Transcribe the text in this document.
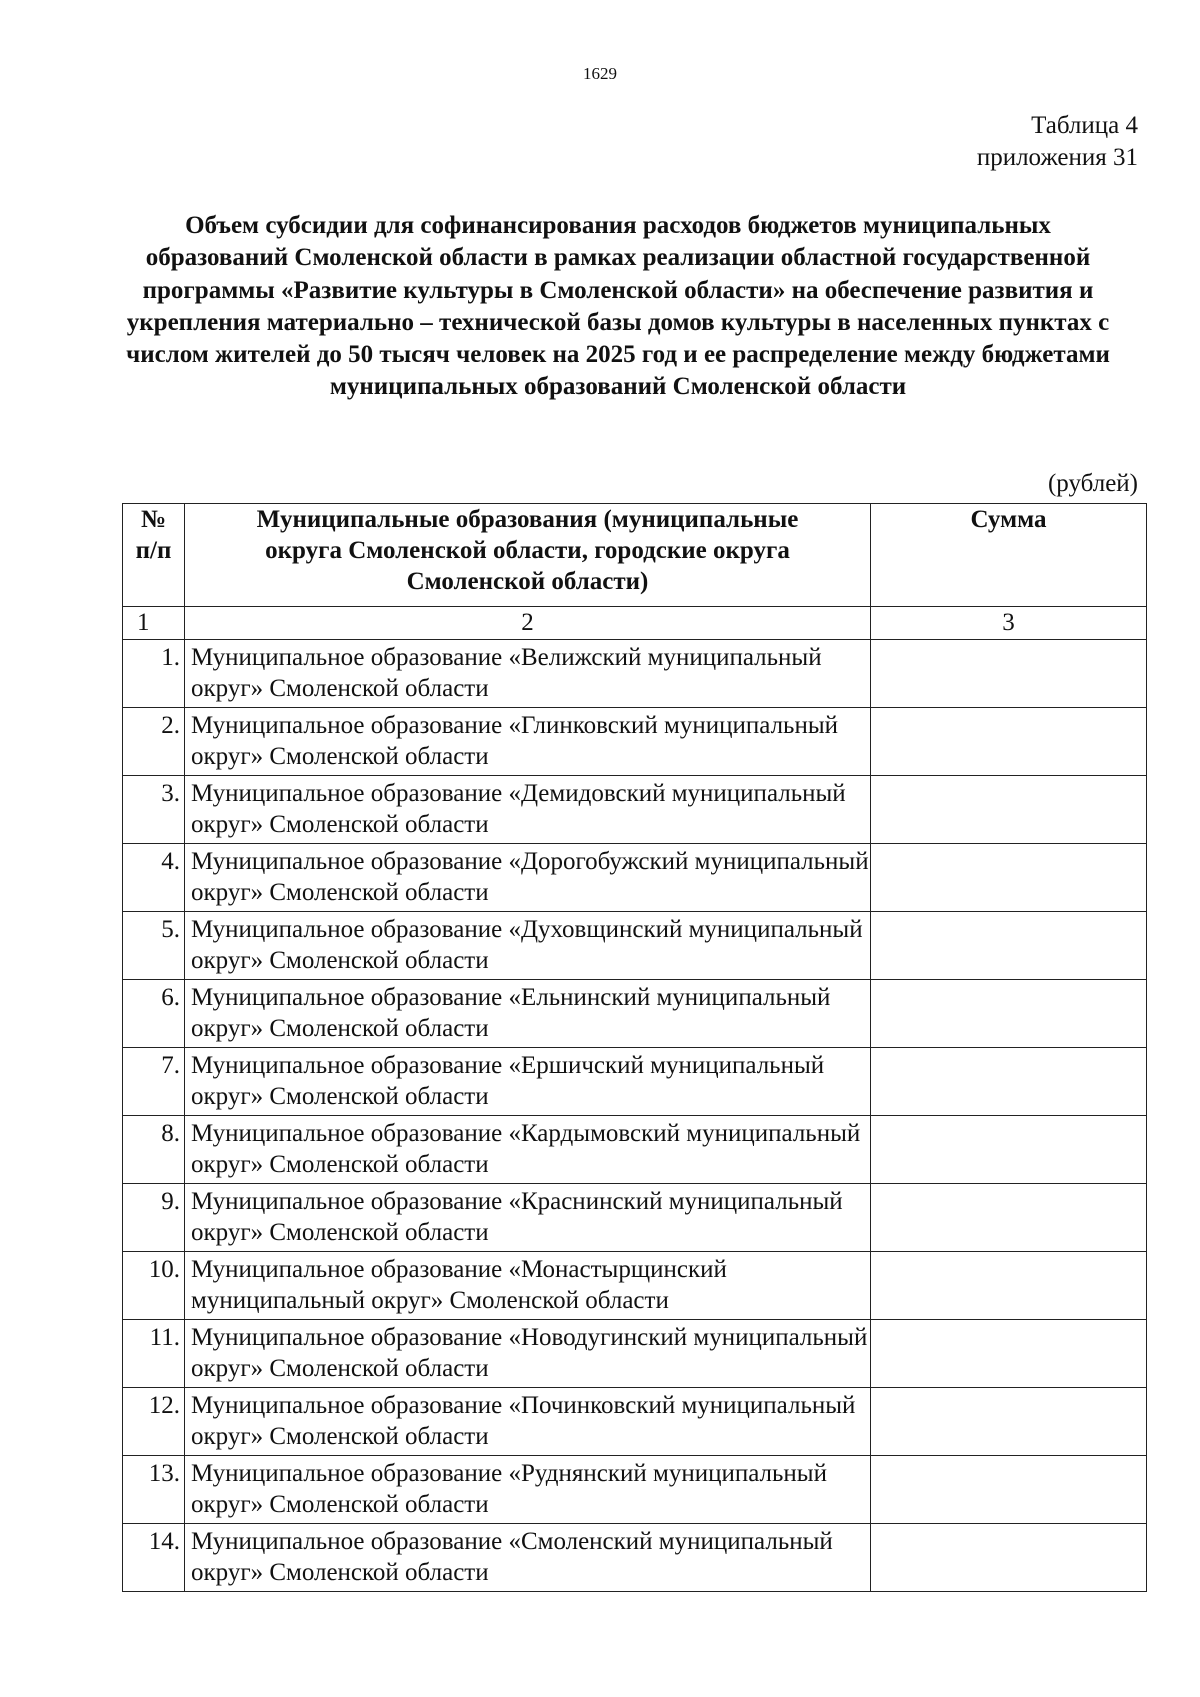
1629
Таблица 4
приложения 31
Объем субсидии для софинансирования расходов бюджетов муниципальных образований Смоленской области в рамках реализации областной государственной программы «Развитие культуры в Смоленской области» на обеспечение развития и укрепления материально – технической базы домов культуры в населенных пунктах с числом жителей до 50 тысяч человек на 2025 год и ее распределение между бюджетами муниципальных образований Смоленской области
(рублей)
№ п/п	Муниципальные образования (муниципальные округа Смоленской области, городские округа Смоленской области)	Сумма
1	2	3
1.	Муниципальное образование «Велижский муниципальный округ» Смоленской области	
2.	Муниципальное образование «Глинковский муниципальный округ» Смоленской области	
3.	Муниципальное образование «Демидовский муниципальный округ» Смоленской области	
4.	Муниципальное образование «Дорогобужский муниципальный округ» Смоленской области	
5.	Муниципальное образование «Духовщинский муниципальный округ» Смоленской области	
6.	Муниципальное образование «Ельнинский муниципальный округ» Смоленской области	
7.	Муниципальное образование «Ершичский муниципальный округ» Смоленской области	
8.	Муниципальное образование «Кардымовский муниципальный округ» Смоленской области	
9.	Муниципальное образование «Краснинский муниципальный округ» Смоленской области	
10.	Муниципальное образование «Монастырщинский муниципальный округ» Смоленской области	
11.	Муниципальное образование «Новодугинский муниципальный округ» Смоленской области	
12.	Муниципальное образование «Починковский муниципальный округ» Смоленской области	
13.	Муниципальное образование «Руднянский муниципальный округ» Смоленской области	
14.	Муниципальное образование «Смоленский муниципальный округ» Смоленской области	
